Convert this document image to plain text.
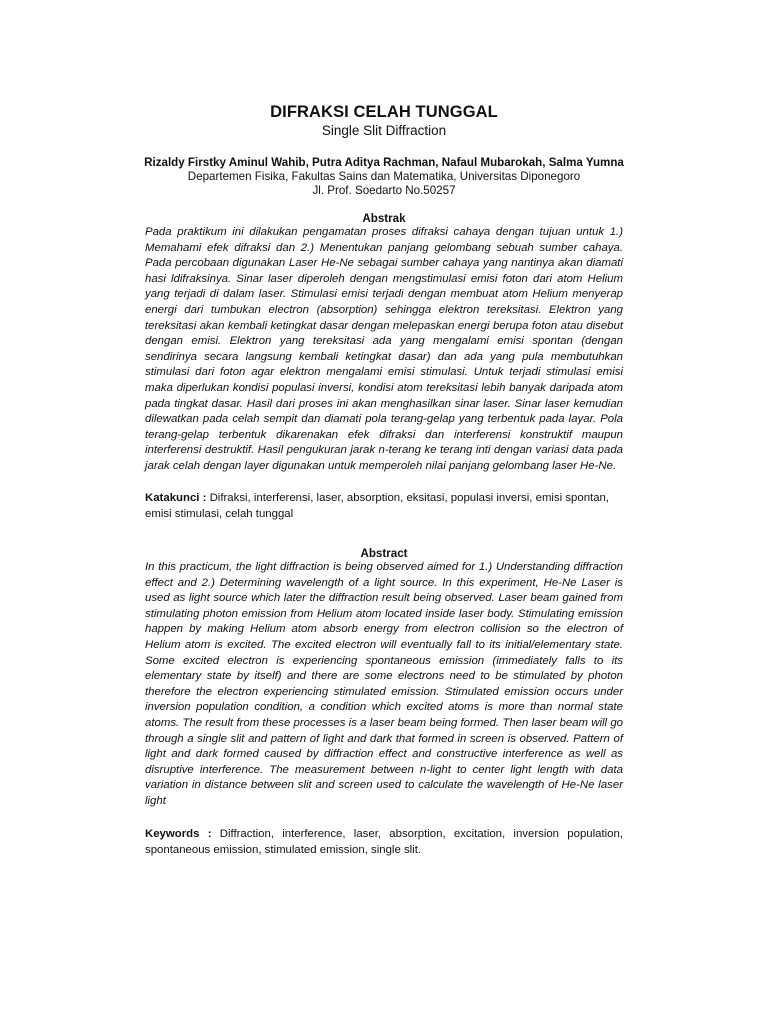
DIFRAKSI CELAH TUNGGAL
Single Slit Diffraction
Rizaldy Firstky Aminul Wahib, Putra Aditya Rachman, Nafaul Mubarokah, Salma Yumna
Departemen Fisika, Fakultas Sains dan Matematika, Universitas Diponegoro
Jl. Prof. Soedarto No.50257
Abstrak

Pada praktikum ini dilakukan pengamatan proses difraksi cahaya dengan tujuan untuk 1.) Memahami efek difraksi dan 2.) Menentukan panjang gelombang sebuah sumber cahaya. Pada percobaan digunakan Laser He-Ne sebagai sumber cahaya yang nantinya akan diamati hasi ldifraksinya. Sinar laser diperoleh dengan mengstimulasi emisi foton dari atom Helium yang terjadi di dalam laser. Stimulasi emisi terjadi dengan membuat atom Helium menyerap energi dari tumbukan electron (absorption) sehingga elektron tereksitasi. Elektron yang tereksitasi akan kembali ketingkat dasar dengan melepaskan energi berupa foton atau disebut dengan emisi. Elektron yang tereksitasi ada yang mengalami emisi spontan (dengan sendirinya secara langsung kembali ketingkat dasar) dan ada yang pula membutuhkan stimulasi dari foton agar elektron mengalami emisi stimulasi. Untuk terjadi stimulasi emisi maka diperlukan kondisi populasi inversi, kondisi atom tereksitasi lebih banyak daripada atom pada tingkat dasar. Hasil dari proses ini akan menghasilkan sinar laser. Sinar laser kemudian dilewatkan pada celah sempit dan diamati pola terang-gelap yang terbentuk pada layar. Pola terang-gelap terbentuk dikarenakan efek difraksi dan interferensi konstruktif maupun interferensi destruktif. Hasil pengukuran jarak n-terang ke terang inti dengan variasi data pada jarak celah dengan layer digunakan untuk memperoleh nilai panjang gelombang laser He-Ne.

Katakunci : Difraksi, interferensi, laser, absorption, eksitasi, populasi inversi, emisi spontan, emisi stimulasi, celah tunggal

Abstract

In this practicum, the light diffraction is being observed aimed for 1.) Understanding diffraction effect and 2.) Determining wavelength of a light source. In this experiment, He-Ne Laser is used as light source which later the diffraction result being observed. Laser beam gained from stimulating photon emission from Helium atom located inside laser body. Stimulating emission happen by making Helium atom absorb energy from electron collision so the electron of Helium atom is excited. The excited electron will eventually fall to its initial/elementary state. Some excited electron is experiencing spontaneous emission (immediately falls to its elementary state by itself) and there are some electrons need to be stimulated by photon therefore the electron experiencing stimulated emission. Stimulated emission occurs under inversion population condition, a condition which excited atoms is more than normal state atoms. The result from these processes is a laser beam being formed. Then laser beam will go through a single slit and pattern of light and dark that formed in screen is observed. Pattern of light and dark formed caused by diffraction effect and constructive interference as well as disruptive interference. The measurement between n-light to center light length with data variation in distance between slit and screen used to calculate the wavelength of He-Ne laser light

Keywords : Diffraction, interference, laser, absorption, excitation, inversion population, spontaneous emission, stimulated emission, single slit.
